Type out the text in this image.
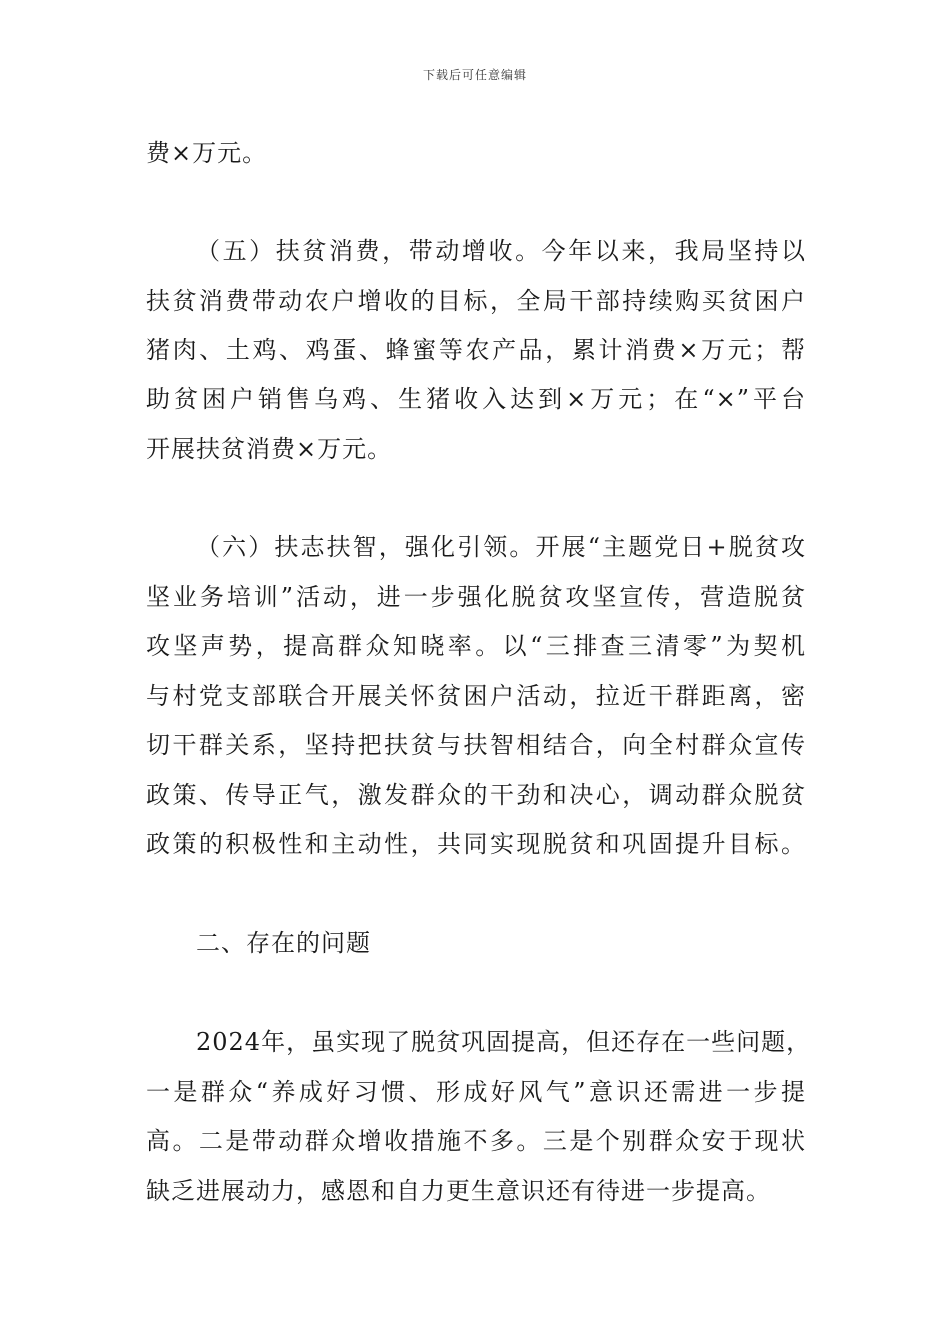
下载后可任意编辑
费×万元。
（五）扶贫消费，带动增收。今年以来，我局坚持以
扶贫消费带动农户增收的目标，全局干部持续购买贫困户
猪肉、土鸡、鸡蛋、蜂蜜等农产品，累计消费×万元；帮
助贫困户销售乌鸡、生猪收入达到×万元；在“×”平台
开展扶贫消费×万元。
（六）扶志扶智，强化引领。开展“主题党日+脱贫攻
坚业务培训”活动，进一步强化脱贫攻坚宣传，营造脱贫
攻坚声势，提高群众知晓率。以“三排查三清零”为契机
与村党支部联合开展关怀贫困户活动，拉近干群距离，密
切干群关系，坚持把扶贫与扶智相结合，向全村群众宣传
政策、传导正气，激发群众的干劲和决心，调动群众脱贫
政策的积极性和主动性，共同实现脱贫和巩固提升目标。
二、存在的问题
2024年，虽实现了脱贫巩固提高，但还存在一些问题，
一是群众“养成好习惯、形成好风气”意识还需进一步提
高。二是带动群众增收措施不多。三是个别群众安于现状
缺乏进展动力，感恩和自力更生意识还有待进一步提高。
